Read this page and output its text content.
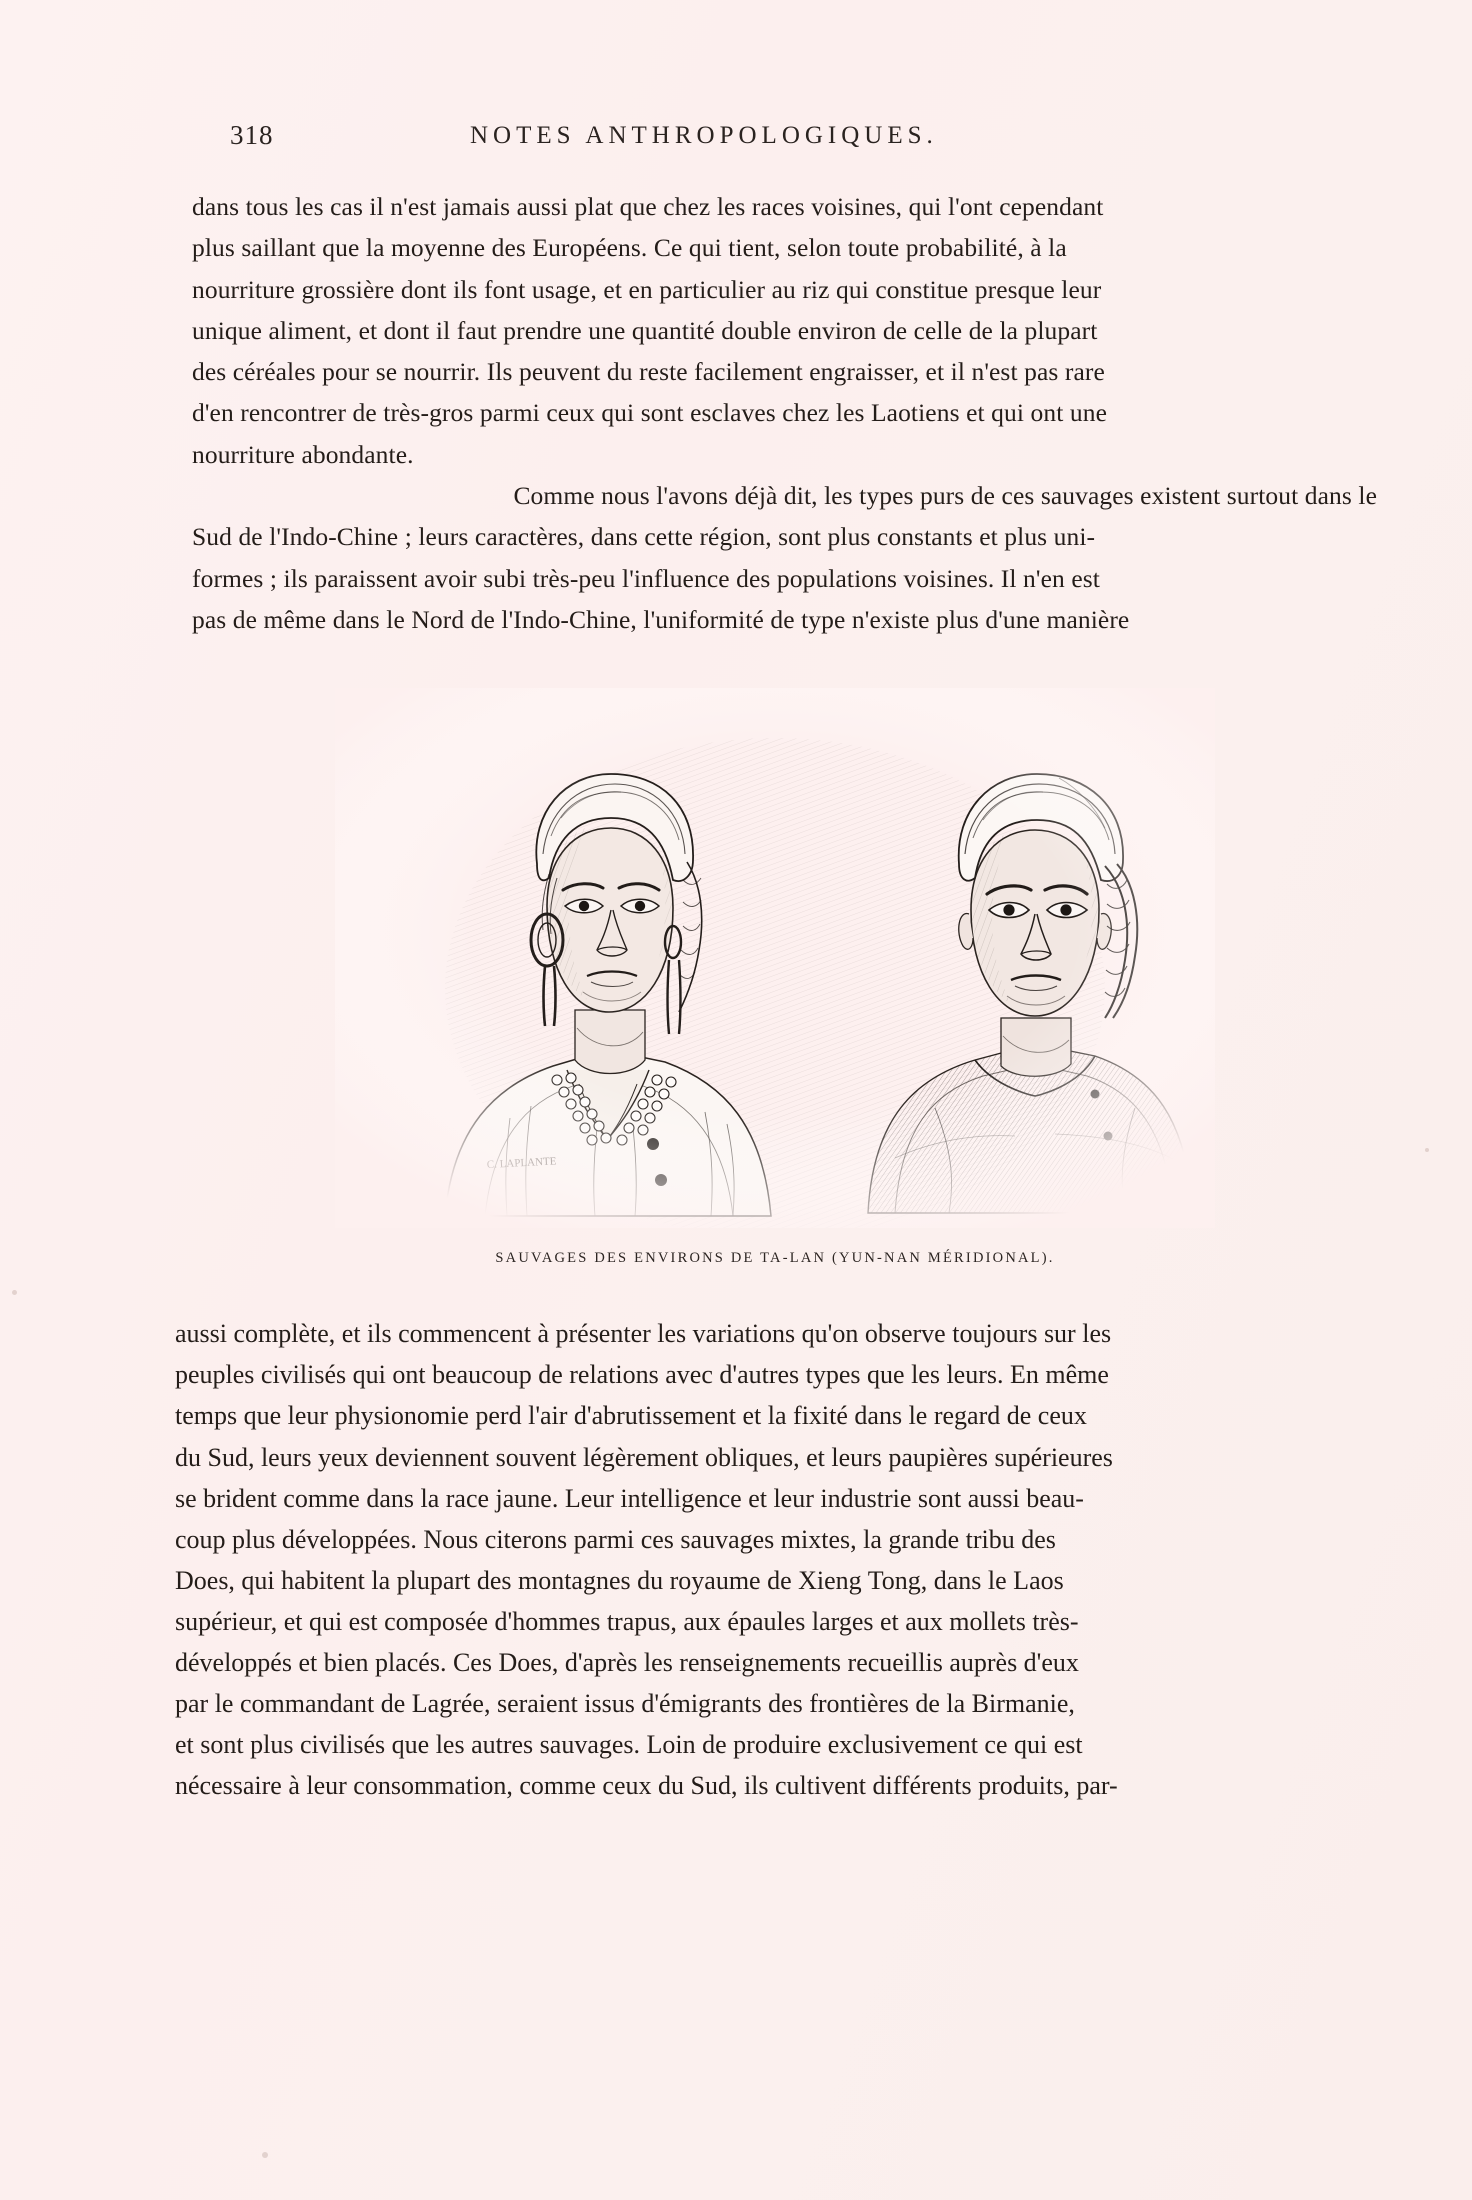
318	NOTES ANTHROPOLOGIQUES.
dans tous les cas il n'est jamais aussi plat que chez les races voisines, qui l'ont cependant
plus saillant que la moyenne des Européens. Ce qui tient, selon toute probabilité, à la
nourriture grossière dont ils font usage, et en particulier au riz qui constitue presque leur
unique aliment, et dont il faut prendre une quantité double environ de celle de la plupart
des céréales pour se nourrir. Ils peuvent du reste facilement engraisser, et il n'est pas rare
d'en rencontrer de très-gros parmi ceux qui sont esclaves chez les Laotiens et qui ont une
nourriture abondante.
Comme nous l'avons déjà dit, les types purs de ces sauvages existent surtout dans le
Sud de l'Indo-Chine ; leurs caractères, dans cette région, sont plus constants et plus uni-
formes ; ils paraissent avoir subi très-peu l'influence des populations voisines. Il n'en est
pas de même dans le Nord de l'Indo-Chine, l'uniformité de type n'existe plus d'une manière
SAUVAGES DES ENVIRONS DE TA-LAN (YUN-NAN MÉRIDIONAL).
aussi complète, et ils commencent à présenter les variations qu'on observe toujours sur les
peuples civilisés qui ont beaucoup de relations avec d'autres types que les leurs. En même
temps que leur physionomie perd l'air d'abrutissement et la fixité dans le regard de ceux
du Sud, leurs yeux deviennent souvent légèrement obliques, et leurs paupières supérieures
se brident comme dans la race jaune. Leur intelligence et leur industrie sont aussi beau-
coup plus développées. Nous citerons parmi ces sauvages mixtes, la grande tribu des
Does, qui habitent la plupart des montagnes du royaume de Xieng Tong, dans le Laos
supérieur, et qui est composée d'hommes trapus, aux épaules larges et aux mollets très-
développés et bien placés. Ces Does, d'après les renseignements recueillis auprès d'eux
par le commandant de Lagrée, seraient issus d'émigrants des frontières de la Birmanie,
et sont plus civilisés que les autres sauvages. Loin de produire exclusivement ce qui est
nécessaire à leur consommation, comme ceux du Sud, ils cultivent différents produits, par-
